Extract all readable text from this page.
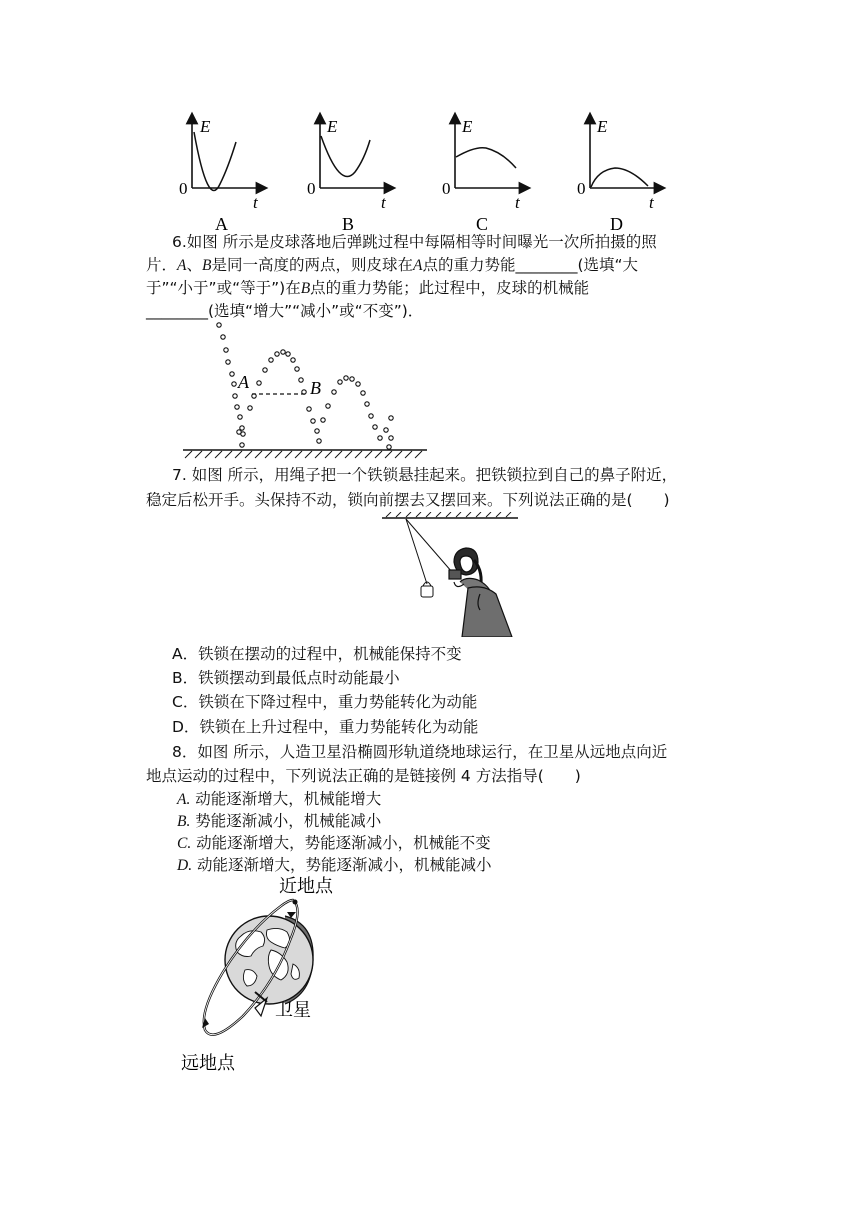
E
0
t
A
E
0
t
B
E
0
t
C
E
0
t
D
6.如图 所示是皮球落地后弹跳过程中每隔相等时间曝光一次所拍摄的照
片．A、B是同一高度的两点，则皮球在A点的重力势能________(选填“大
于”“小于”或“等于”)在B点的重力势能；此过程中，皮球的机械能
________(选填“增大”“减小”或“不变”)．
A	B
7. 如图 所示，用绳子把一个铁锁悬挂起来。把铁锁拉到自己的鼻子附近，
稳定后松开手。头保持不动，锁向前摆去又摆回来。下列说法正确的是(　　)
A．铁锁在摆动的过程中，机械能保持不变
B．铁锁摆动到最低点时动能最小
C．铁锁在下降过程中，重力势能转化为动能
D．铁锁在上升过程中，重力势能转化为动能
8．如图 所示，人造卫星沿椭圆形轨道绕地球运行，在卫星从远地点向近
地点运动的过程中，下列说法正确的是链接例 4 方法指导(　　)
A. 动能逐渐增大，机械能增大
B. 势能逐渐减小，机械能减小
C. 动能逐渐增大，势能逐渐减小，机械能不变
D. 动能逐渐增大，势能逐渐减小，机械能减小
近地点
卫星
远地点
